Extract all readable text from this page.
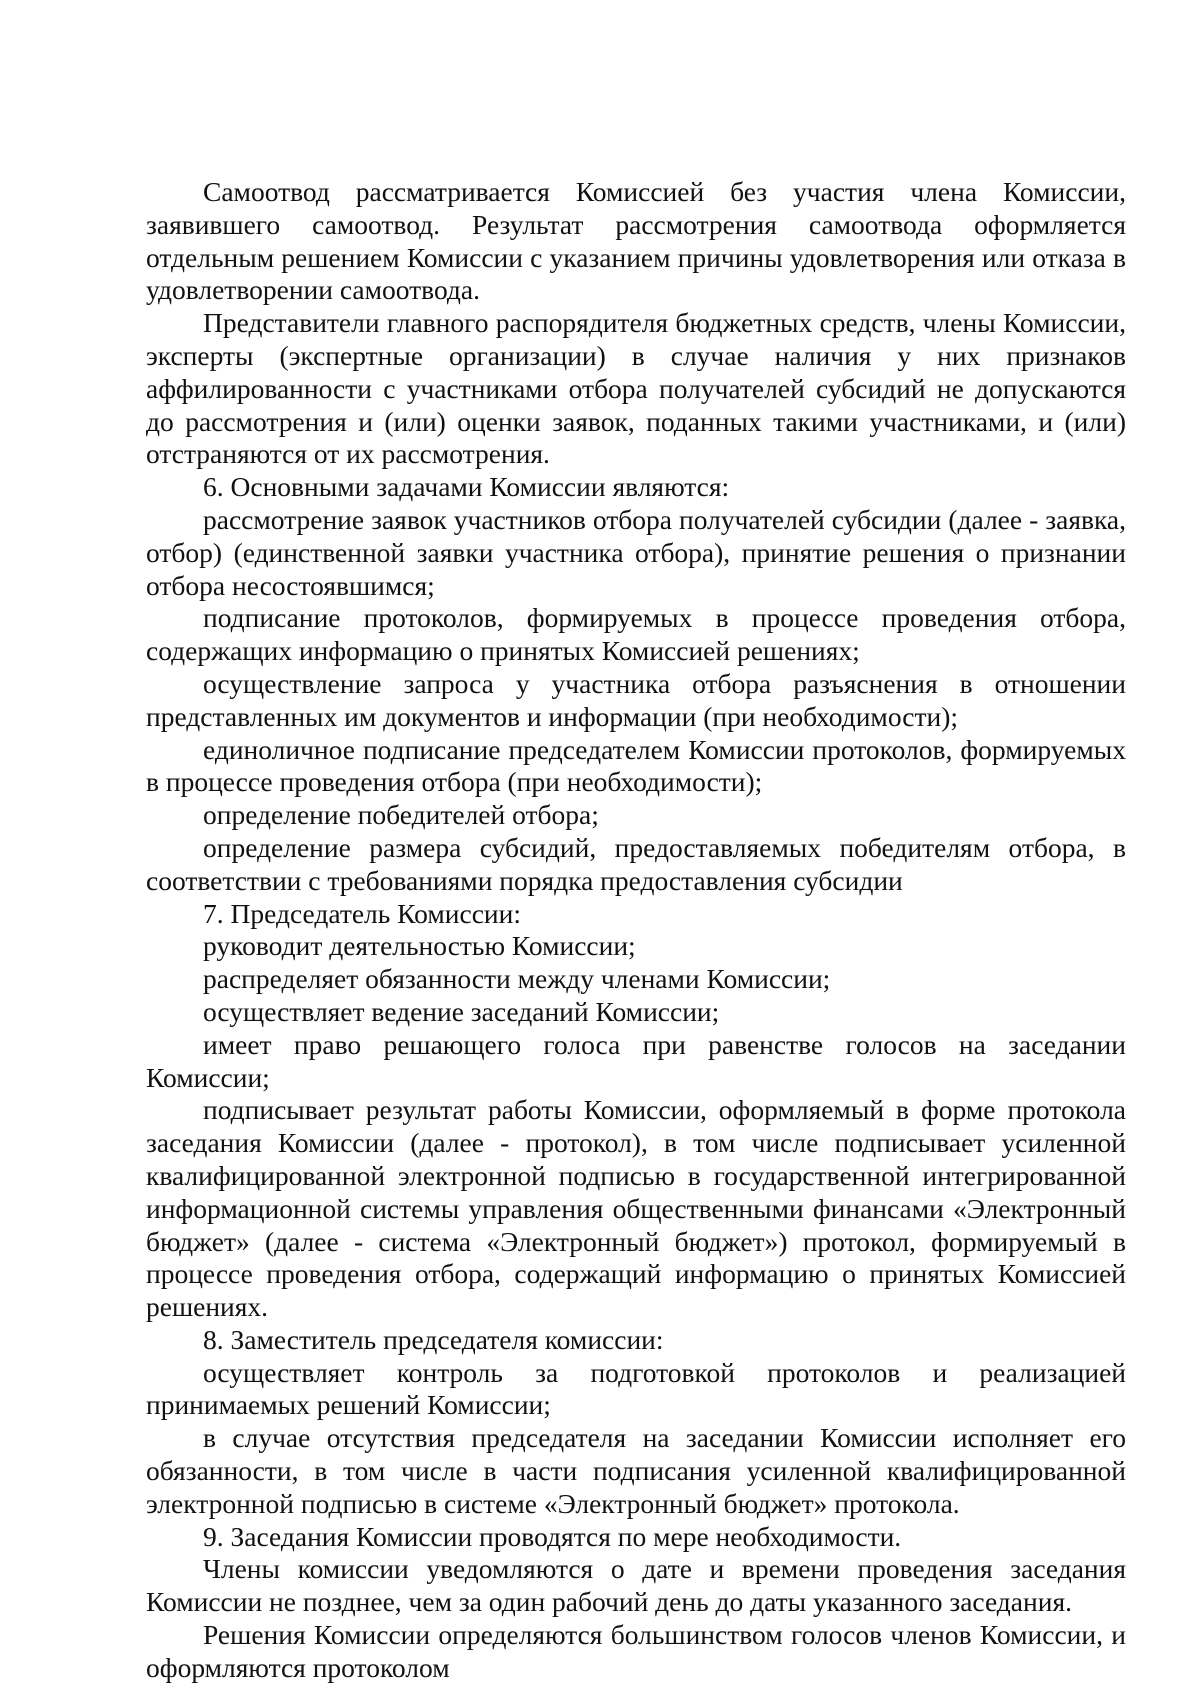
Самоотвод рассматривается Комиссией без участия члена Комиссии, заявившего самоотвод. Результат рассмотрения самоотвода оформляется отдельным решением Комиссии с указанием причины удовлетворения или отказа в удовлетворении самоотвода.

Представители главного распорядителя бюджетных средств, члены Комиссии, эксперты (экспертные организации) в случае наличия у них признаков аффилированности с участниками отбора получателей субсидий не допускаются до рассмотрения и (или) оценки заявок, поданных такими участниками, и (или) отстраняются от их рассмотрения.

6. Основными задачами Комиссии являются:

рассмотрение заявок участников отбора получателей субсидии (далее - заявка, отбор) (единственной заявки участника отбора), принятие решения о признании отбора несостоявшимся;

подписание протоколов, формируемых в процессе проведения отбора, содержащих информацию о принятых Комиссией решениях;

осуществление запроса у участника отбора разъяснения в отношении представленных им документов и информации (при необходимости);

единоличное подписание председателем Комиссии протоколов, формируемых в процессе проведения отбора (при необходимости);

определение победителей отбора;

определение размера субсидий, предоставляемых победителям отбора, в соответствии с требованиями порядка предоставления субсидии

7. Председатель Комиссии:

руководит деятельностью Комиссии;

распределяет обязанности между членами Комиссии;

осуществляет ведение заседаний Комиссии;

имеет право решающего голоса при равенстве голосов на заседании Комиссии;

подписывает результат работы Комиссии, оформляемый в форме протокола заседания Комиссии (далее - протокол), в том числе подписывает усиленной квалифицированной электронной подписью в государственной интегрированной информационной системы управления общественными финансами «Электронный бюджет» (далее - система «Электронный бюджет») протокол, формируемый в процессе проведения отбора, содержащий информацию о принятых Комиссией решениях.

8. Заместитель председателя комиссии:

осуществляет контроль за подготовкой протоколов и реализацией принимаемых решений Комиссии;

в случае отсутствия председателя на заседании Комиссии исполняет его обязанности, в том числе в части подписания усиленной квалифицированной электронной подписью в системе «Электронный бюджет» протокола.

9. Заседания Комиссии проводятся по мере необходимости.

Члены комиссии уведомляются о дате и времени проведения заседания Комиссии не позднее, чем за один рабочий день до даты указанного заседания.

Решения Комиссии определяются большинством голосов членов Комиссии, и оформляются протоколом
